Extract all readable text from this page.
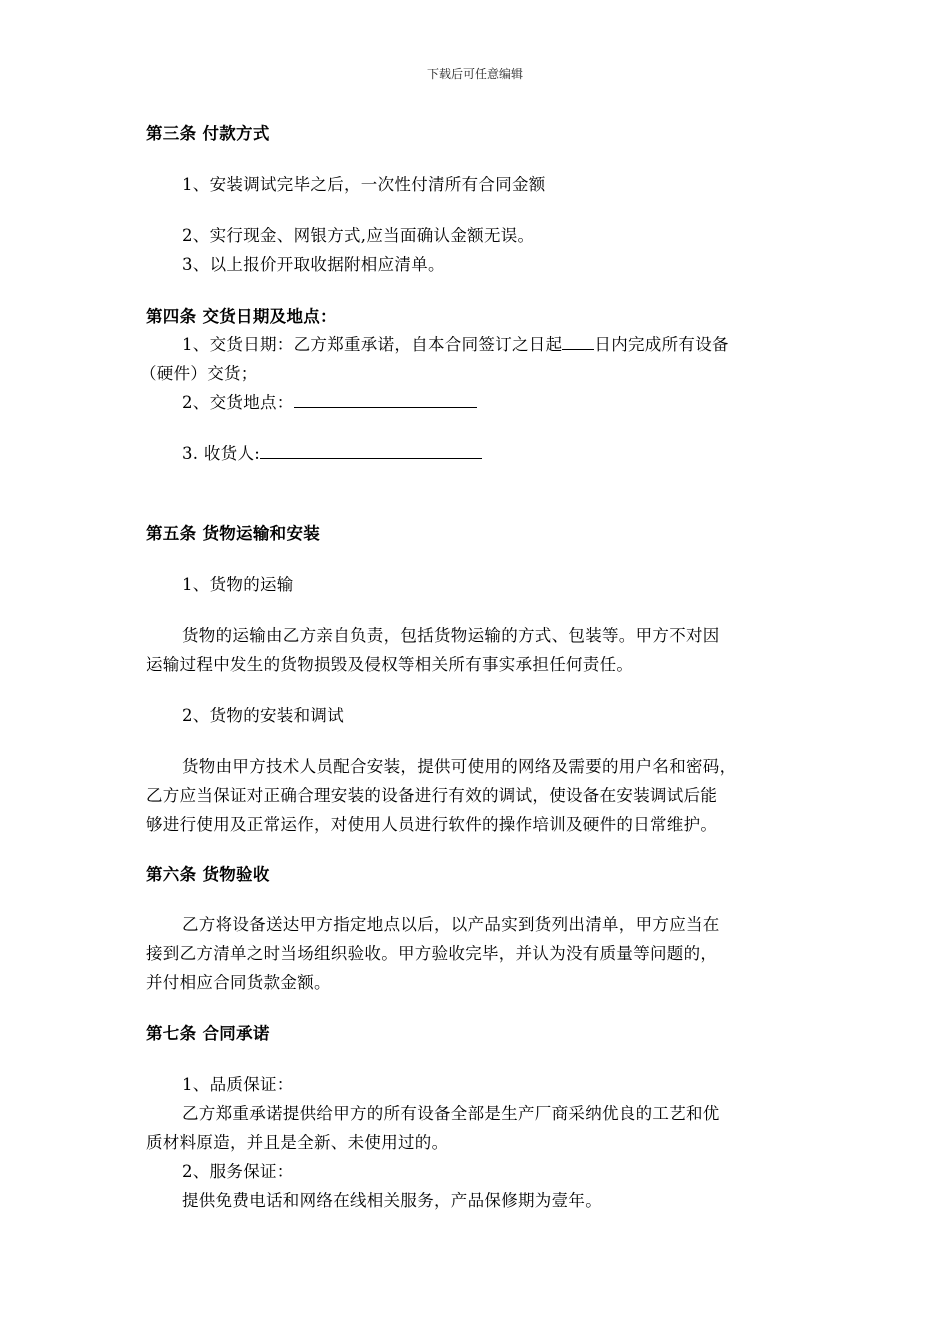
下载后可任意编辑
第三条 付款方式
1、安装调试完毕之后，一次性付清所有合同金额
2、实行现金、网银方式,应当面确认金额无误。
3、以上报价开取收据附相应清单。
第四条 交货日期及地点：
1、交货日期：乙方郑重承诺，自本合同签订之日起 日内完成所有设备
（硬件）交货；
2、交货地点：
3. 收货人:
第五条 货物运输和安装
1、货物的运输
货物的运输由乙方亲自负责，包括货物运输的方式、包装等。甲方不对因
运输过程中发生的货物损毁及侵权等相关所有事实承担任何责任。
2、货物的安装和调试
货物由甲方技术人员配合安装，提供可使用的网络及需要的用户名和密码，
乙方应当保证对正确合理安装的设备进行有效的调试，使设备在安装调试后能
够进行使用及正常运作，对使用人员进行软件的操作培训及硬件的日常维护。
第六条 货物验收
乙方将设备送达甲方指定地点以后，以产品实到货列出清单，甲方应当在
接到乙方清单之时当场组织验收。甲方验收完毕，并认为没有质量等问题的，
并付相应合同货款金额。
第七条 合同承诺
1、品质保证：
乙方郑重承诺提供给甲方的所有设备全部是生产厂商采纳优良的工艺和优
质材料原造，并且是全新、未使用过的。
2、服务保证：
提供免费电话和网络在线相关服务，产品保修期为壹年。
